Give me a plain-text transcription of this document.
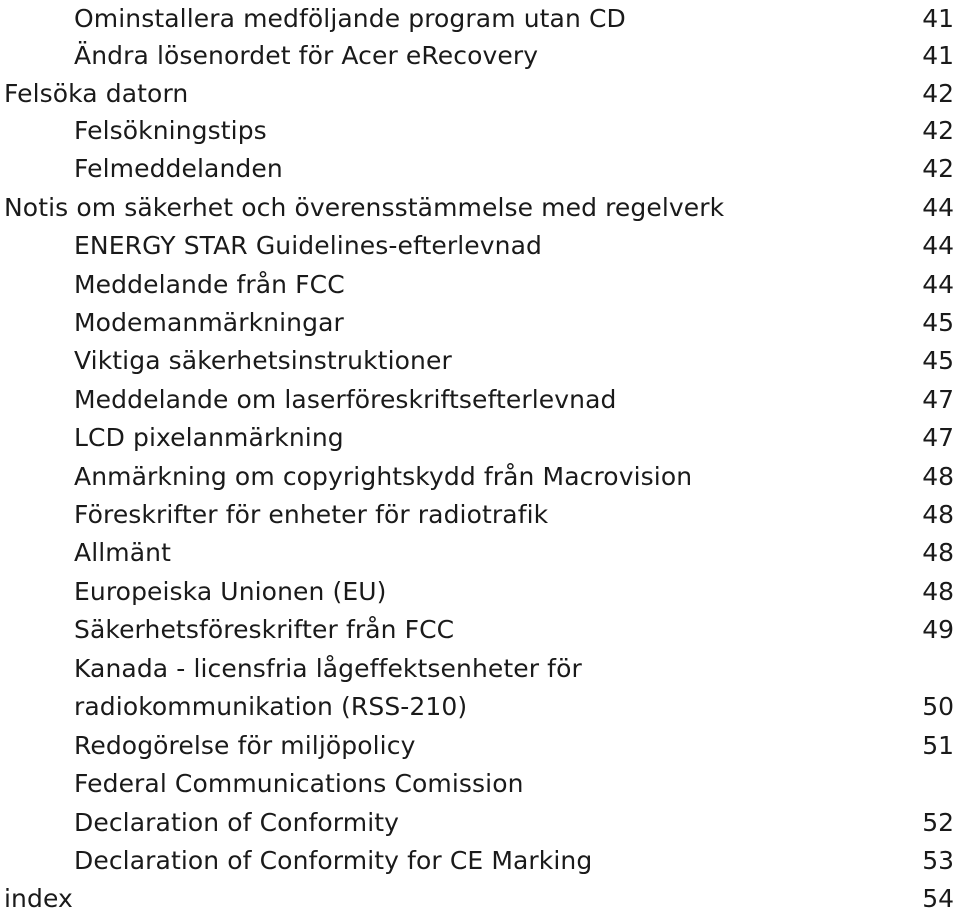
Ominstallera medföljande program utan CD	41
Ändra lösenordet för Acer eRecovery	41
Felsöka datorn	42
Felsökningstips	42
Felmeddelanden	42
Notis om säkerhet och överensstämmelse med regelverk	44
ENERGY STAR Guidelines-efterlevnad	44
Meddelande från FCC	44
Modemanmärkningar	45
Viktiga säkerhetsinstruktioner	45
Meddelande om laserföreskriftsefterlevnad	47
LCD pixelanmärkning	47
Anmärkning om copyrightskydd från Macrovision	48
Föreskrifter för enheter för radiotrafik	48
Allmänt	48
Europeiska Unionen (EU)	48
Säkerhetsföreskrifter från FCC	49
Kanada - licensfria lågeffektsenheter för
radiokommunikation (RSS-210)	50
Redogörelse för miljöpolicy	51
Federal Communications Comission
Declaration of Conformity	52
Declaration of Conformity for CE Marking	53
index	54
